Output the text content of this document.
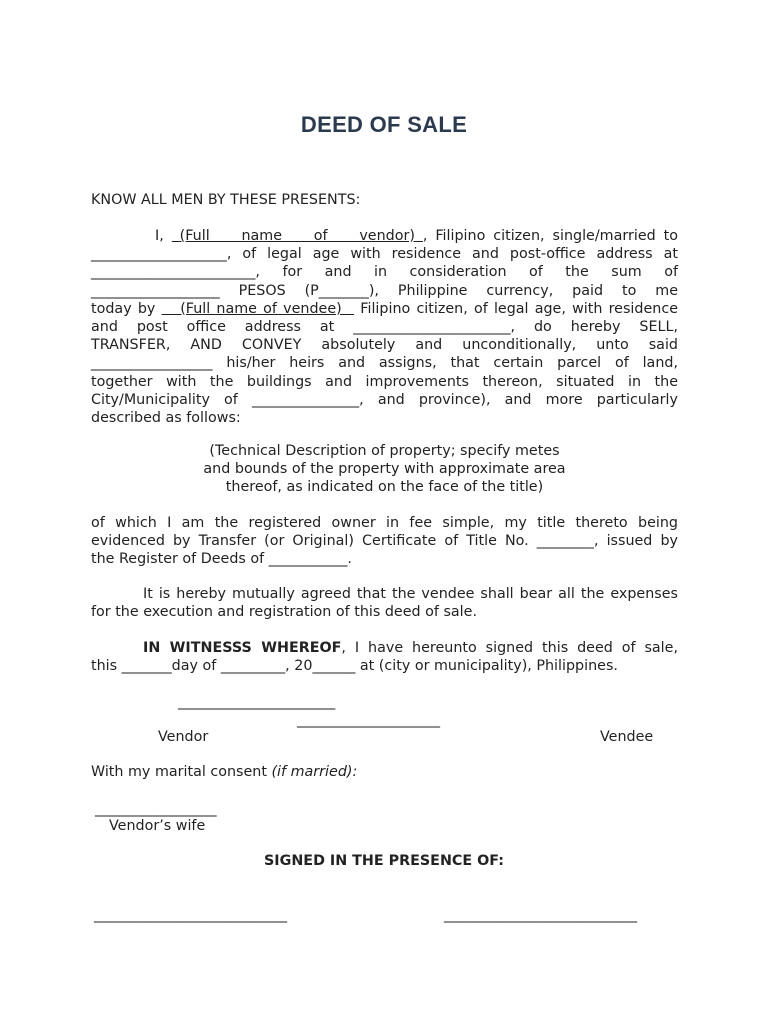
DEED OF SALE
KNOW ALL MEN BY THESE PRESENTS:
I,  (Full    name    of    vendor) , Filipino citizen, single/married to
___________________, of legal age with residence and post-office address at
_______________________, for and in consideration of the sum of
__________________ PESOS (P_______), Philippine currency, paid to me
today by    (Full name of vendee)   Filipino citizen, of legal age, with residence
and post office address at ______________________, do hereby SELL,
TRANSFER, AND CONVEY absolutely and unconditionally, unto said
_________________ his/her heirs and assigns, that certain parcel of land,
together with the buildings and improvements thereon, situated in the
City/Municipality of _______________, and province), and more particularly
described as follows:
(Technical Description of property; specify metes
and bounds of the property with approximate area
thereof, as indicated on the face of the title)
of which I am the registered owner in fee simple, my title thereto being
evidenced by Transfer (or Original) Certificate of Title No. ________, issued by
the Register of Deeds of ___________.
It is hereby mutually agreed that the vendee shall bear all the expenses
for the execution and registration of this deed of sale.
IN WITNESSS WHEREOF, I have hereunto signed this deed of sale,
this _______day of _________, 20______ at (city or municipality), Philippines.
______________________
____________________
Vendor	Vendee
With my marital consent (if married):
_________________
Vendor’s wife
SIGNED IN THE PRESENCE OF:
___________________________	___________________________
